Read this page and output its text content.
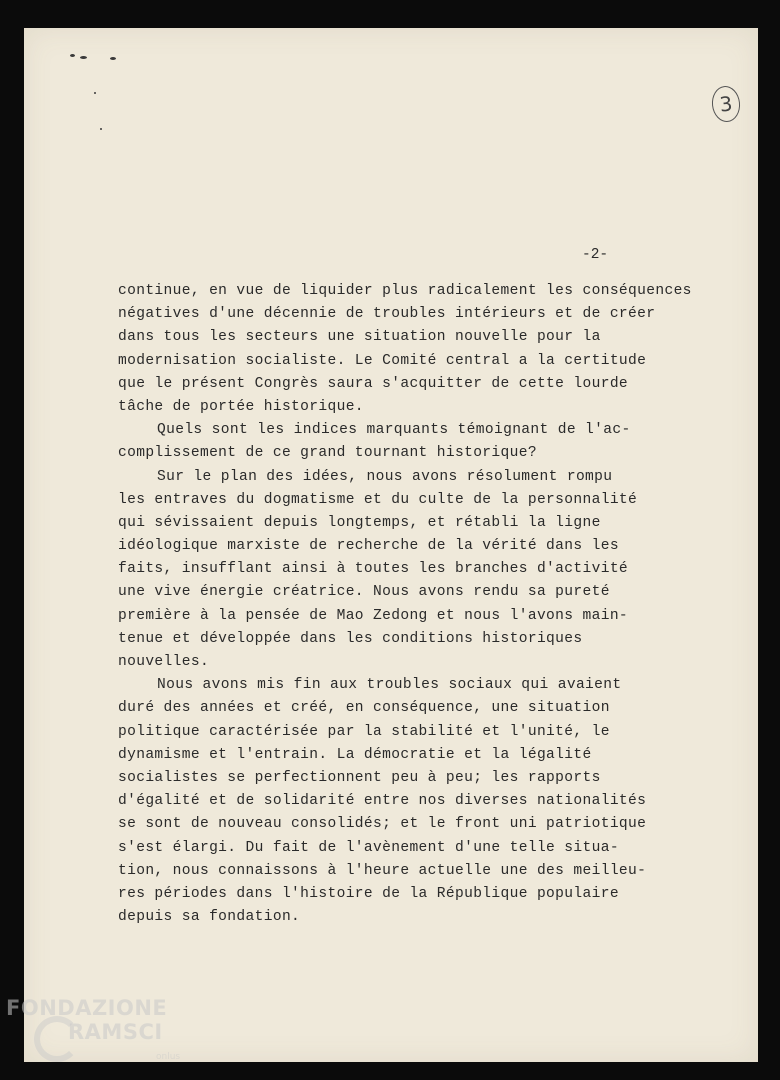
3
-2-
continue, en vue de liquider plus radicalement les conséquences
négatives d'une décennie de troubles intérieurs et de créer
dans tous les secteurs une situation nouvelle pour la
modernisation socialiste. Le Comité central a la certitude
que le présent Congrès saura s'acquitter de cette lourde
tâche de portée historique.
Quels sont les indices marquants témoignant de l'ac-
complissement de ce grand tournant historique?
Sur le plan des idées, nous avons résolument rompu
les entraves du dogmatisme et du culte de la personnalité
qui sévissaient depuis longtemps, et rétabli la ligne
idéologique marxiste de recherche de la vérité dans les
faits, insufflant ainsi à toutes les branches d'activité
une vive énergie créatrice. Nous avons rendu sa pureté
première à la pensée de Mao Zedong et nous l'avons main-
tenue et développée dans les conditions historiques
nouvelles.
Nous avons mis fin aux troubles sociaux qui avaient
duré des années et créé, en conséquence, une situation
politique caractérisée par la stabilité et l'unité, le
dynamisme et l'entrain. La démocratie et la légalité
socialistes se perfectionnent peu à peu; les rapports
d'égalité et de solidarité entre nos diverses nationalités
se sont de nouveau consolidés; et le front uni patriotique
s'est élargi. Du fait de l'avènement d'une telle situa-
tion, nous connaissons à l'heure actuelle une des meilleu-
res périodes dans l'histoire de la République populaire
depuis sa fondation.
FONDAZIONE
RAMSCI
onlus
